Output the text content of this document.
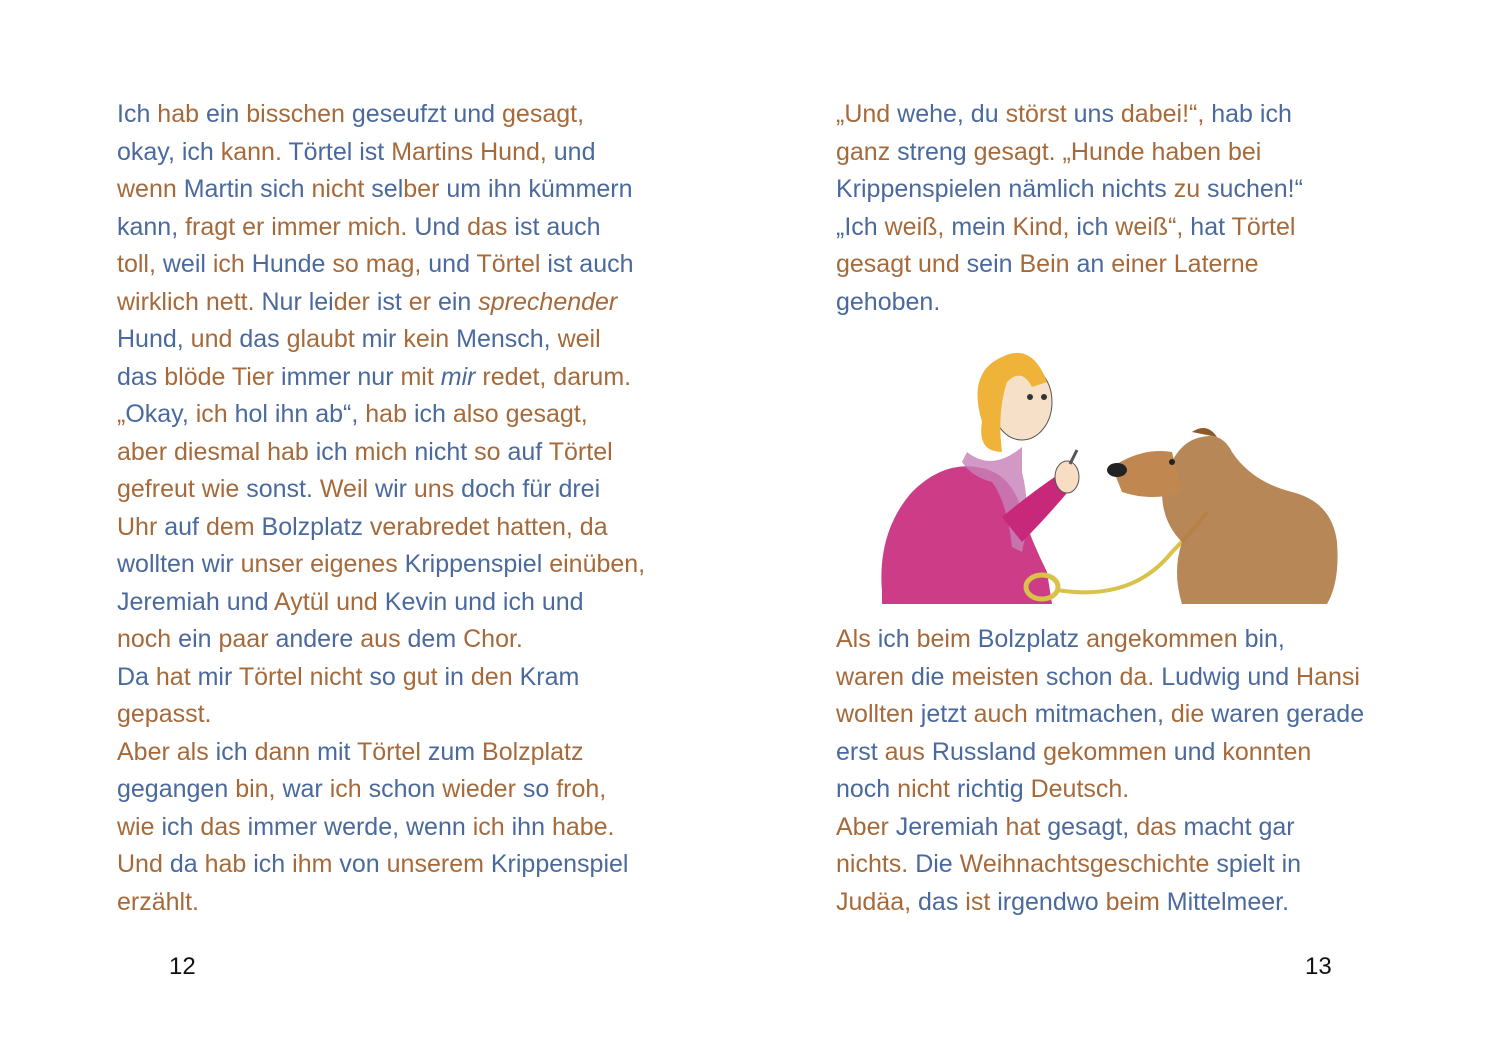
Ich hab ein bisschen geseufzt und gesagt,
okay, ich kann. Törtel ist Martins Hund, und
wenn Martin sich nicht selber um ihn kümmern
kann, fragt er immer mich. Und das ist auch
toll, weil ich Hunde so mag, und Törtel ist auch
wirklich nett. Nur leider ist er ein sprechender
Hund, und das glaubt mir kein Mensch, weil
das blöde Tier immer nur mit mir redet, darum.
„Okay, ich hol ihn ab“, hab ich also gesagt,
aber diesmal hab ich mich nicht so auf Törtel
gefreut wie sonst. Weil wir uns doch für drei
Uhr auf dem Bolzplatz verabredet hatten, da
wollten wir unser eigenes Krippenspiel einüben,
Jeremiah und Aytül und Kevin und ich und
noch ein paar andere aus dem Chor.
Da hat mir Törtel nicht so gut in den Kram
gepasst.
Aber als ich dann mit Törtel zum Bolzplatz
gegangen bin, war ich schon wieder so froh,
wie ich das immer werde, wenn ich ihn habe.
Und da hab ich ihm von unserem Krippenspiel
erzählt.
„Und wehe, du störst uns dabei!“, hab ich
ganz streng gesagt. „Hunde haben bei
Krippenspielen nämlich nichts zu suchen!“
„Ich weiß, mein Kind, ich weiß“, hat Törtel
gesagt und sein Bein an einer Laterne
gehoben.
Als ich beim Bolzplatz angekommen bin,
waren die meisten schon da. Ludwig und Hansi
wollten jetzt auch mitmachen, die waren gerade
erst aus Russland gekommen und konnten
noch nicht richtig Deutsch.
Aber Jeremiah hat gesagt, das macht gar
nichts. Die Weihnachtsgeschichte spielt in
Judäa, das ist irgendwo beim Mittelmeer.
12	13
